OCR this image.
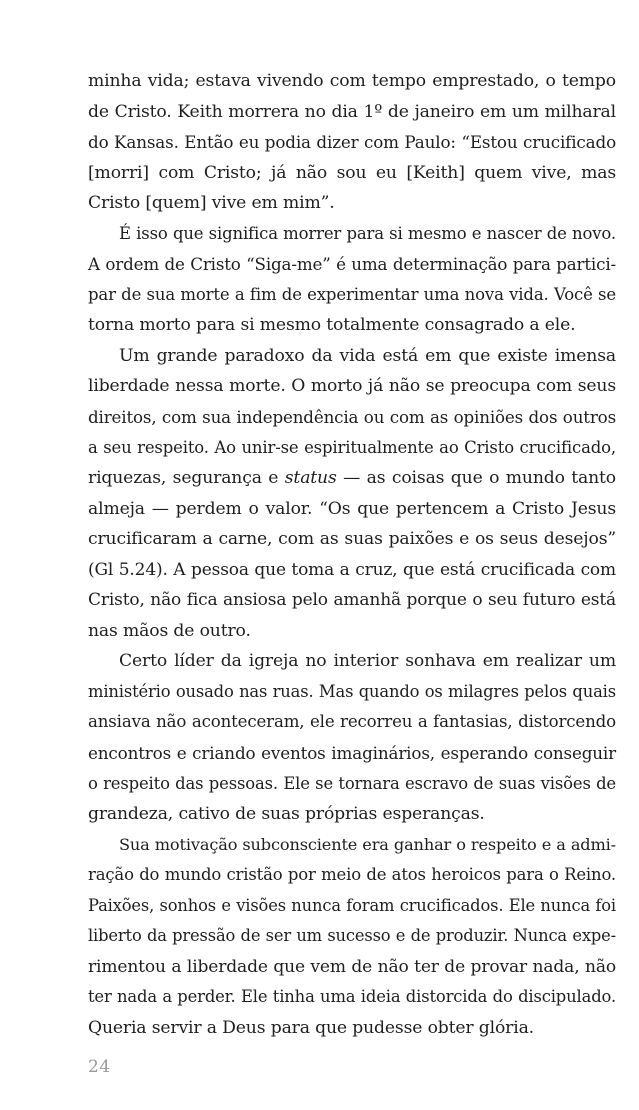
minha vida; estava vivendo com tempo emprestado, o tempo
de Cristo. Keith morrera no dia 1º de janeiro em um milharal
do Kansas. Então eu podia dizer com Paulo: “Estou crucificado
[morri] com Cristo; já não sou eu [Keith] quem vive, mas
Cristo [quem] vive em mim”.
É isso que significa morrer para si mesmo e nascer de novo.
A ordem de Cristo “Siga-me” é uma determinação para partici-
par de sua morte a fim de experimentar uma nova vida. Você se
torna morto para si mesmo totalmente consagrado a ele.
Um grande paradoxo da vida está em que existe imensa
liberdade nessa morte. O morto já não se preocupa com seus
direitos, com sua independência ou com as opiniões dos outros
a seu respeito. Ao unir-se espiritualmente ao Cristo crucificado,
riquezas, segurança e status — as coisas que o mundo tanto
almeja — perdem o valor. “Os que pertencem a Cristo Jesus
crucificaram a carne, com as suas paixões e os seus desejos”
(Gl 5.24). A pessoa que toma a cruz, que está crucificada com
Cristo, não fica ansiosa pelo amanhã porque o seu futuro está
nas mãos de outro.
Certo líder da igreja no interior sonhava em realizar um
ministério ousado nas ruas. Mas quando os milagres pelos quais
ansiava não aconteceram, ele recorreu a fantasias, distorcendo
encontros e criando eventos imaginários, esperando conseguir
o respeito das pessoas. Ele se tornara escravo de suas visões de
grandeza, cativo de suas próprias esperanças.
Sua motivação subconsciente era ganhar o respeito e a admi-
ração do mundo cristão por meio de atos heroicos para o Reino.
Paixões, sonhos e visões nunca foram crucificados. Ele nunca foi
liberto da pressão de ser um sucesso e de produzir. Nunca expe-
rimentou a liberdade que vem de não ter de provar nada, não
ter nada a perder. Ele tinha uma ideia distorcida do discipulado.
Queria servir a Deus para que pudesse obter glória.
24
